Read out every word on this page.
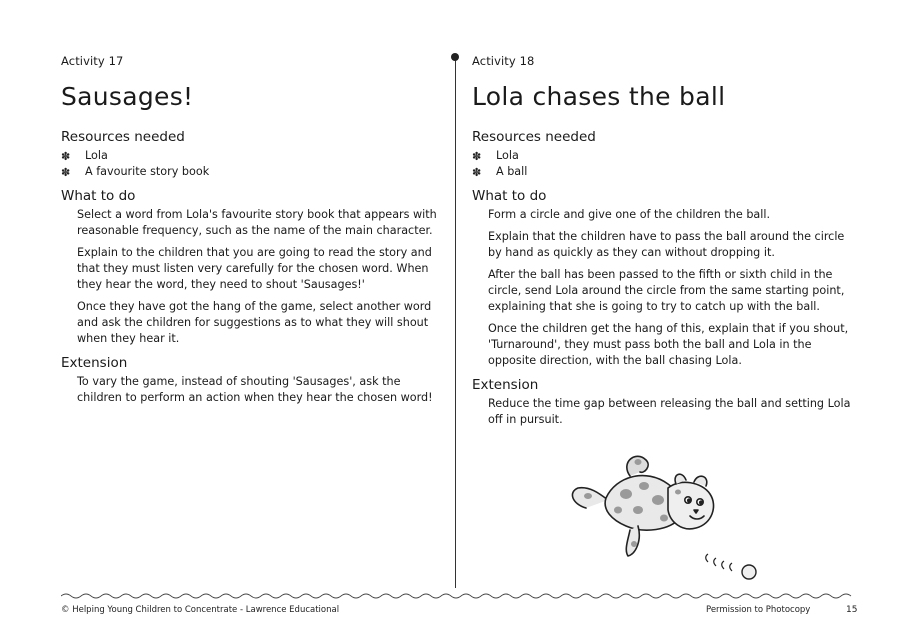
Activity 17
Sausages!
Resources needed
✽	Lola
✽	A favourite story book
What to do

Select a word from Lola's favourite story book that appears with reasonable frequency, such as the name of the main character.

Explain to the children that you are going to read the story and that they must listen very carefully for the chosen word. When they hear the word, they need to shout 'Sausages!'

Once they have got the hang of the game, select another word and ask the children for suggestions as to what they will shout when they hear it.

Extension

To vary the game, instead of shouting 'Sausages', ask the children to perform an action when they hear the chosen word!

Activity 18
Lola chases the ball
Resources needed
✽	Lola
✽	A ball
What to do

Form a circle and give one of the children the ball.

Explain that the children have to pass the ball around the circle by hand as quickly as they can without dropping it.

After the ball has been passed to the fifth or sixth child in the circle, send Lola around the circle from the same starting point, explaining that she is going to try to catch up with the ball.

Once the children get the hang of this, explain that if you shout, 'Turnaround', they must pass both the ball and Lola in the opposite direction, with the ball chasing Lola.

Extension

Reduce the time gap between releasing the ball and setting Lola off in pursuit.

© Helping Young Children to Concentrate - Lawrence Educational	Permission to Photocopy	15
